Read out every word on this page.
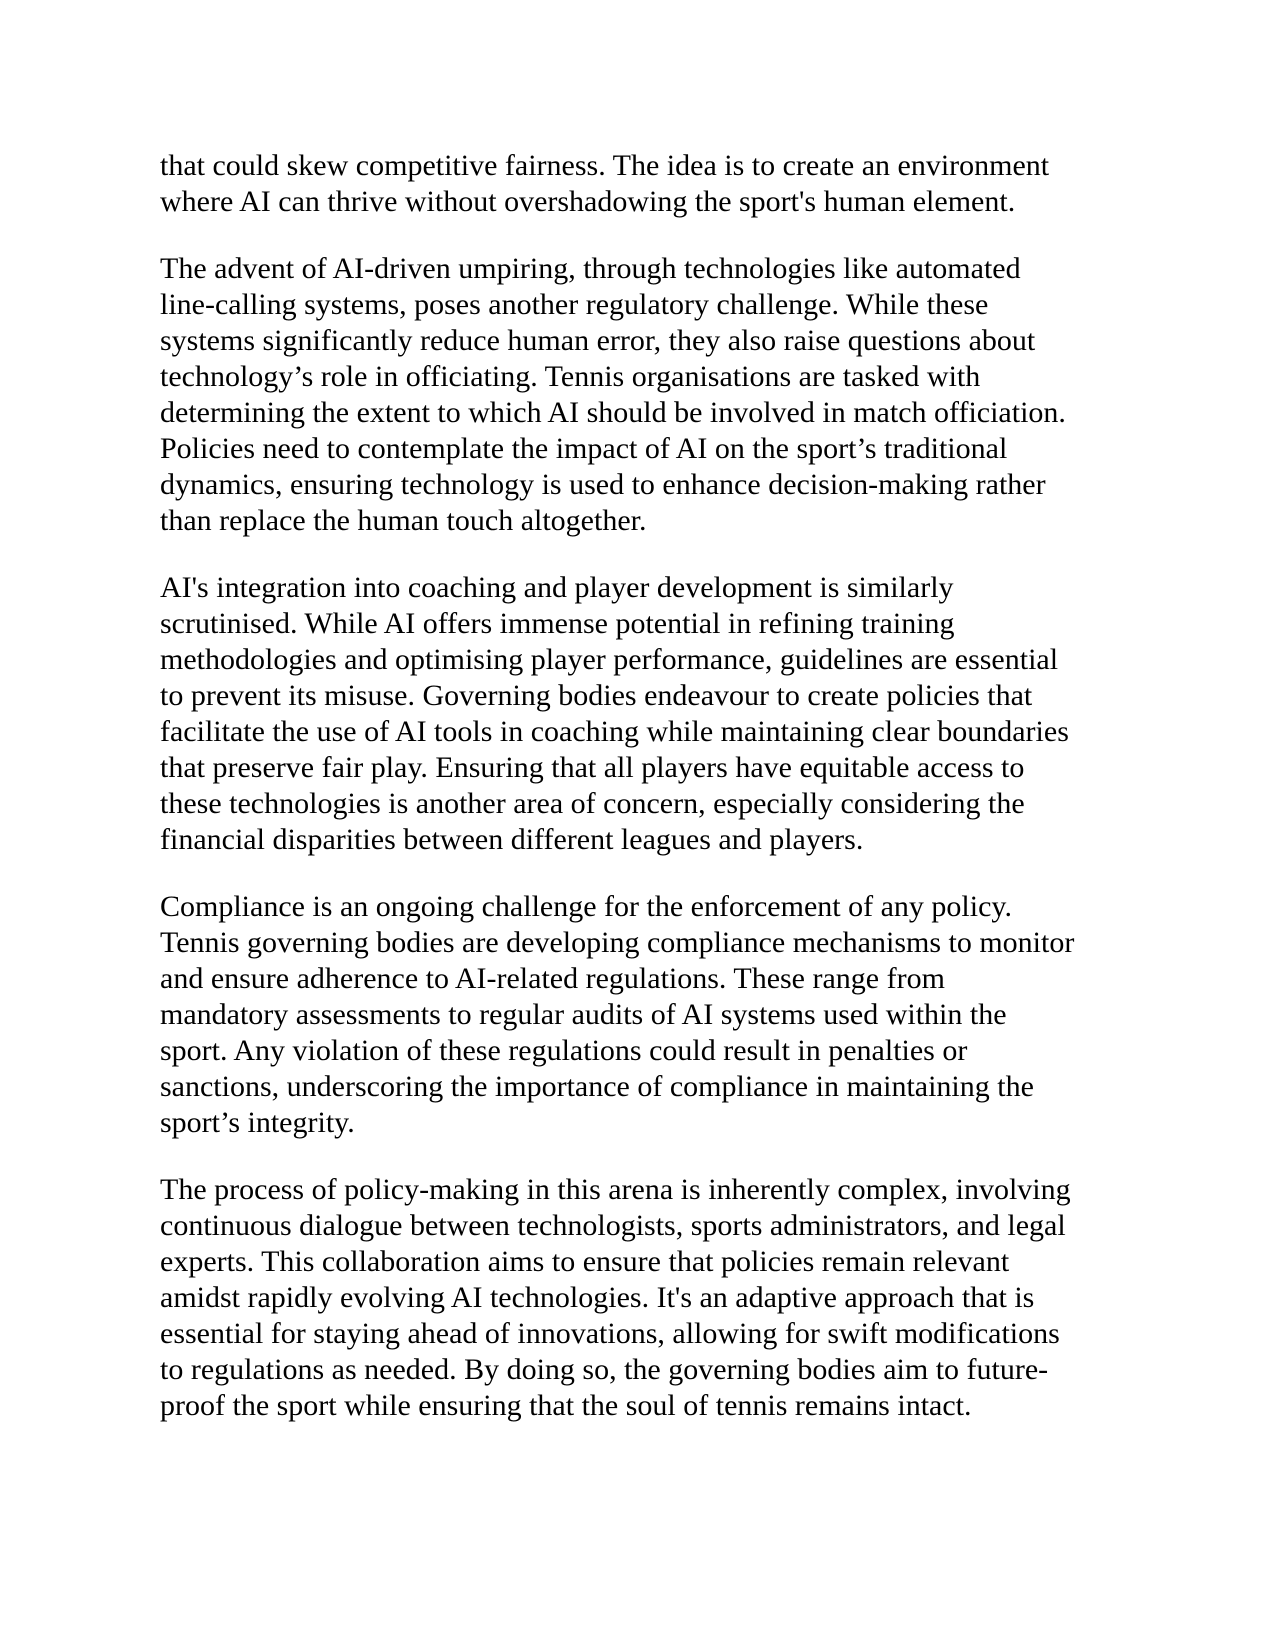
that could skew competitive fairness. The idea is to create an environment
where AI can thrive without overshadowing the sport's human element.

The advent of AI-driven umpiring, through technologies like automated
line-calling systems, poses another regulatory challenge. While these
systems significantly reduce human error, they also raise questions about
technology’s role in officiating. Tennis organisations are tasked with
determining the extent to which AI should be involved in match officiation.
Policies need to contemplate the impact of AI on the sport’s traditional
dynamics, ensuring technology is used to enhance decision-making rather
than replace the human touch altogether.

AI's integration into coaching and player development is similarly
scrutinised. While AI offers immense potential in refining training
methodologies and optimising player performance, guidelines are essential
to prevent its misuse. Governing bodies endeavour to create policies that
facilitate the use of AI tools in coaching while maintaining clear boundaries
that preserve fair play. Ensuring that all players have equitable access to
these technologies is another area of concern, especially considering the
financial disparities between different leagues and players.

Compliance is an ongoing challenge for the enforcement of any policy.
Tennis governing bodies are developing compliance mechanisms to monitor
and ensure adherence to AI-related regulations. These range from
mandatory assessments to regular audits of AI systems used within the
sport. Any violation of these regulations could result in penalties or
sanctions, underscoring the importance of compliance in maintaining the
sport’s integrity.

The process of policy-making in this arena is inherently complex, involving
continuous dialogue between technologists, sports administrators, and legal
experts. This collaboration aims to ensure that policies remain relevant
amidst rapidly evolving AI technologies. It's an adaptive approach that is
essential for staying ahead of innovations, allowing for swift modifications
to regulations as needed. By doing so, the governing bodies aim to future-
proof the sport while ensuring that the soul of tennis remains intact.
